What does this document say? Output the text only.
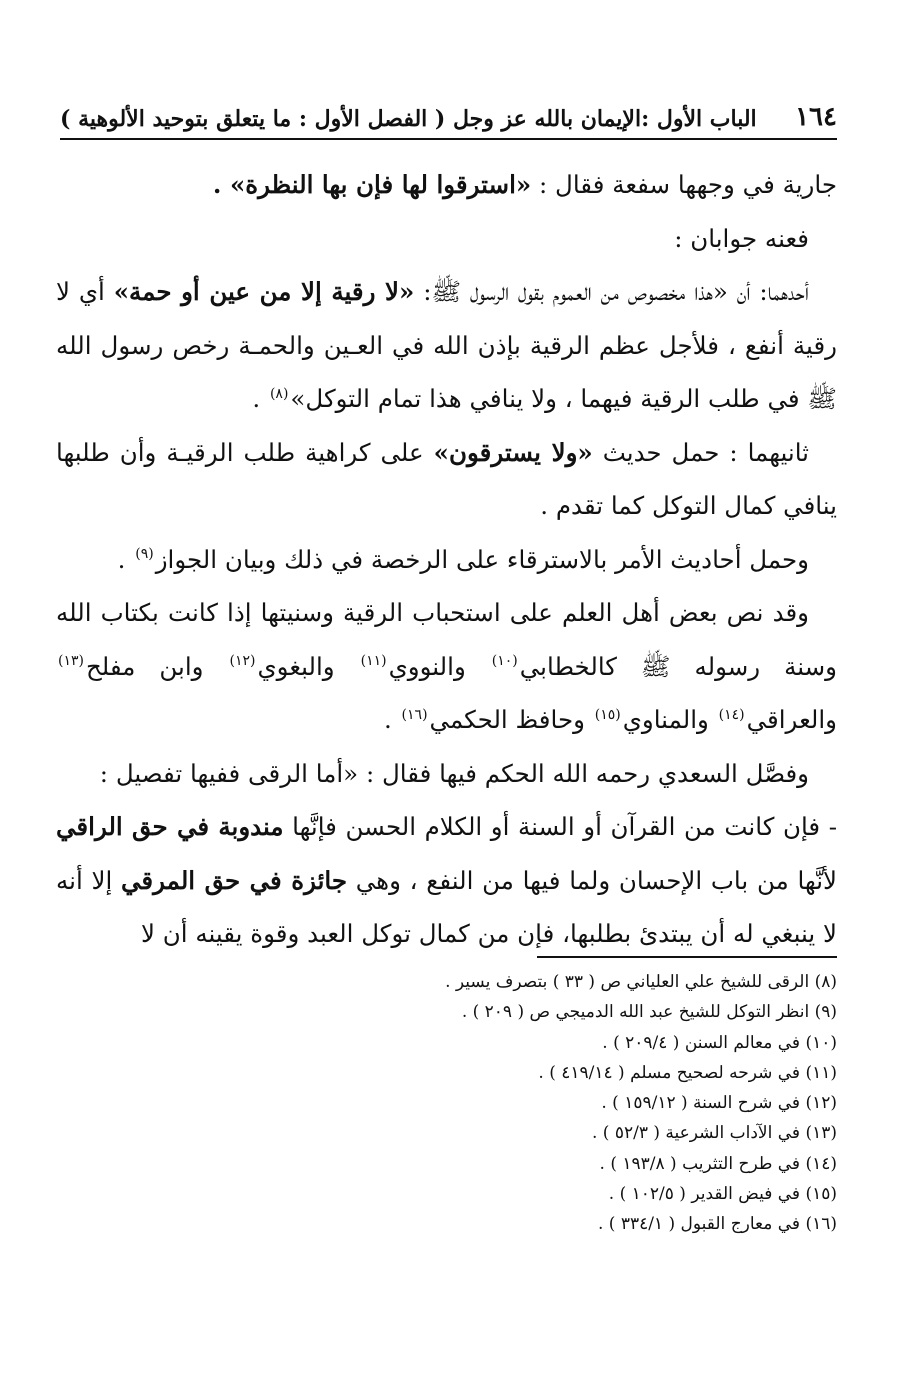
١٦٤
الباب الأول :الإيمان بالله عز وجل ( الفصل الأول : ما يتعلق بتوحيد الألوهية )

جارية في وجهها سفعة فقال : «استرقوا لها فإن بها النظرة» .

فعنه جوابان :

أحدهما: أن «هذا مخصوص من العموم بقول الرسول ﷺ: «لا رقية إلا من عين أو حمة» أي لا رقية أنفع ، فلأجل عظم الرقية بإذن الله في العـين والحمـة رخص رسول الله ﷺ في طلب الرقية فيهما ، ولا ينافي هذا تمام التوكل»$^{(٨)}$ .

ثانيهما : حمل حديث «ولا يسترقون» على كراهية طلب الرقيـة وأن طلبها ينافي كمال التوكل كما تقدم .

وحمل أحاديث الأمر بالاسترقاء على الرخصة في ذلك وبيان الجواز$^{(٩)}$ .

وقد نص بعض أهل العلم على استحباب الرقية وسنيتها إذا كانت بكتاب الله وسنة رسوله ﷺ كالخطابي$^{(١٠)}$ والنووي$^{(١١)}$ والبغوي$^{(١٢)}$ وابن مفلح$^{(١٣)}$ والعراقي$^{(١٤)}$ والمناوي$^{(١٥)}$ وحافظ الحكمي$^{(١٦)}$ .

وفصَّل السعدي رحمه الله الحكم فيها فقال : «أما الرقى ففيها تفصيل :

- فإن كانت من القرآن أو السنة أو الكلام الحسن فإنَّها مندوبة في حق الراقي لأنَّها من باب الإحسان ولما فيها من النفع ، وهي جائزة في حق المرقي إلا أنه لا ينبغي له أن يبتدئ بطلبها، فإن من كمال توكل العبد وقوة يقينه أن لا

(٨) الرقى للشيخ علي العلياني ص ( ٣٣ ) بتصرف يسير .
(٩) انظر التوكل للشيخ عبد الله الدميجي ص ( ٢٠٩ ) .
(١٠) في معالم السنن ( ٢٠٩/٤ ) .
(١١) في شرحه لصحيح مسلم ( ٤١٩/١٤ ) .
(١٢) في شرح السنة ( ١٥٩/١٢ ) .
(١٣) في الآداب الشرعية ( ٥٢/٣ ) .
(١٤) في طرح التثريب ( ١٩٣/٨ ) .
(١٥) في فيض القدير ( ١٠٢/٥ ) .
(١٦) في معارج القبول ( ٣٣٤/١ ) .
